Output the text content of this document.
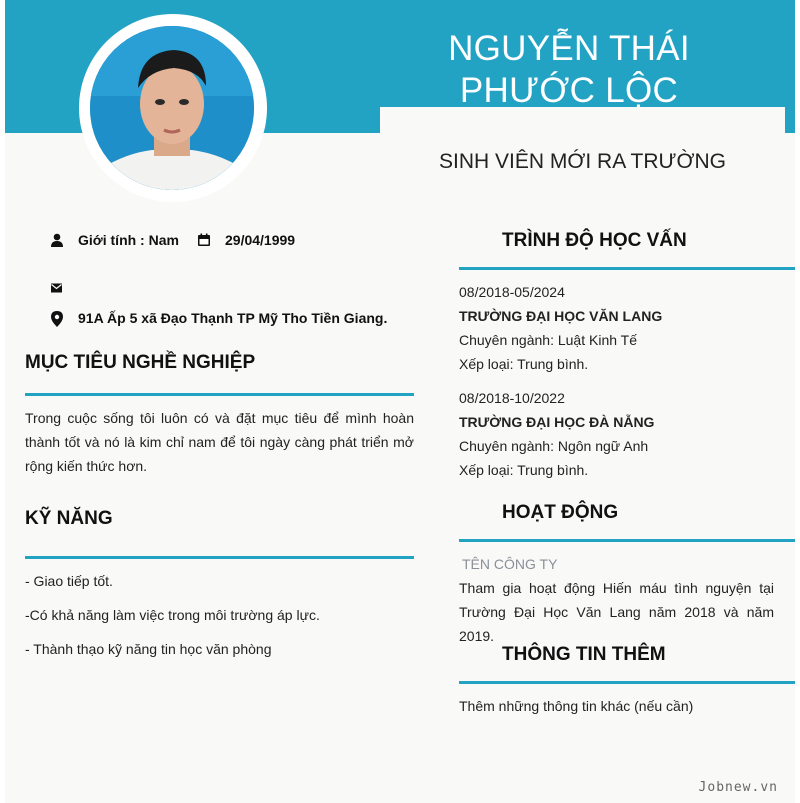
NGUYỄN THÁI PHƯỚC LỘC
SINH VIÊN MỚI RA TRƯỜNG
Giới tính : Nam	29/04/1999
91A Ấp 5 xã Đạo Thạnh TP Mỹ Tho Tiền Giang.
MỤC TIÊU NGHỀ NGHIỆP
Trong cuộc sống tôi luôn có và đặt mục tiêu để mình hoàn thành tốt và nó là kim chỉ nam để tôi ngày càng phát triển mở rộng kiến thức hơn.
KỸ NĂNG
- Giao tiếp tốt.
-Có khả năng làm việc trong môi trường áp lực.
- Thành thạo kỹ năng tin học văn phòng
TRÌNH ĐỘ HỌC VẤN
08/2018-05/2024
TRƯỜNG ĐẠI HỌC VĂN LANG
Chuyên ngành: Luật Kinh Tế
Xếp loại: Trung bình.
08/2018-10/2022
TRƯỜNG ĐẠI HỌC ĐÀ NẴNG
Chuyên ngành: Ngôn ngữ Anh
Xếp loại: Trung bình.
HOẠT ĐỘNG
TÊN CÔNG TY
Tham gia hoạt động Hiến máu tình nguyện tại Trường Đại Học Văn Lang năm 2018 và năm 2019.
THÔNG TIN THÊM
Thêm những thông tin khác (nếu cần)
Jobnew.vn
